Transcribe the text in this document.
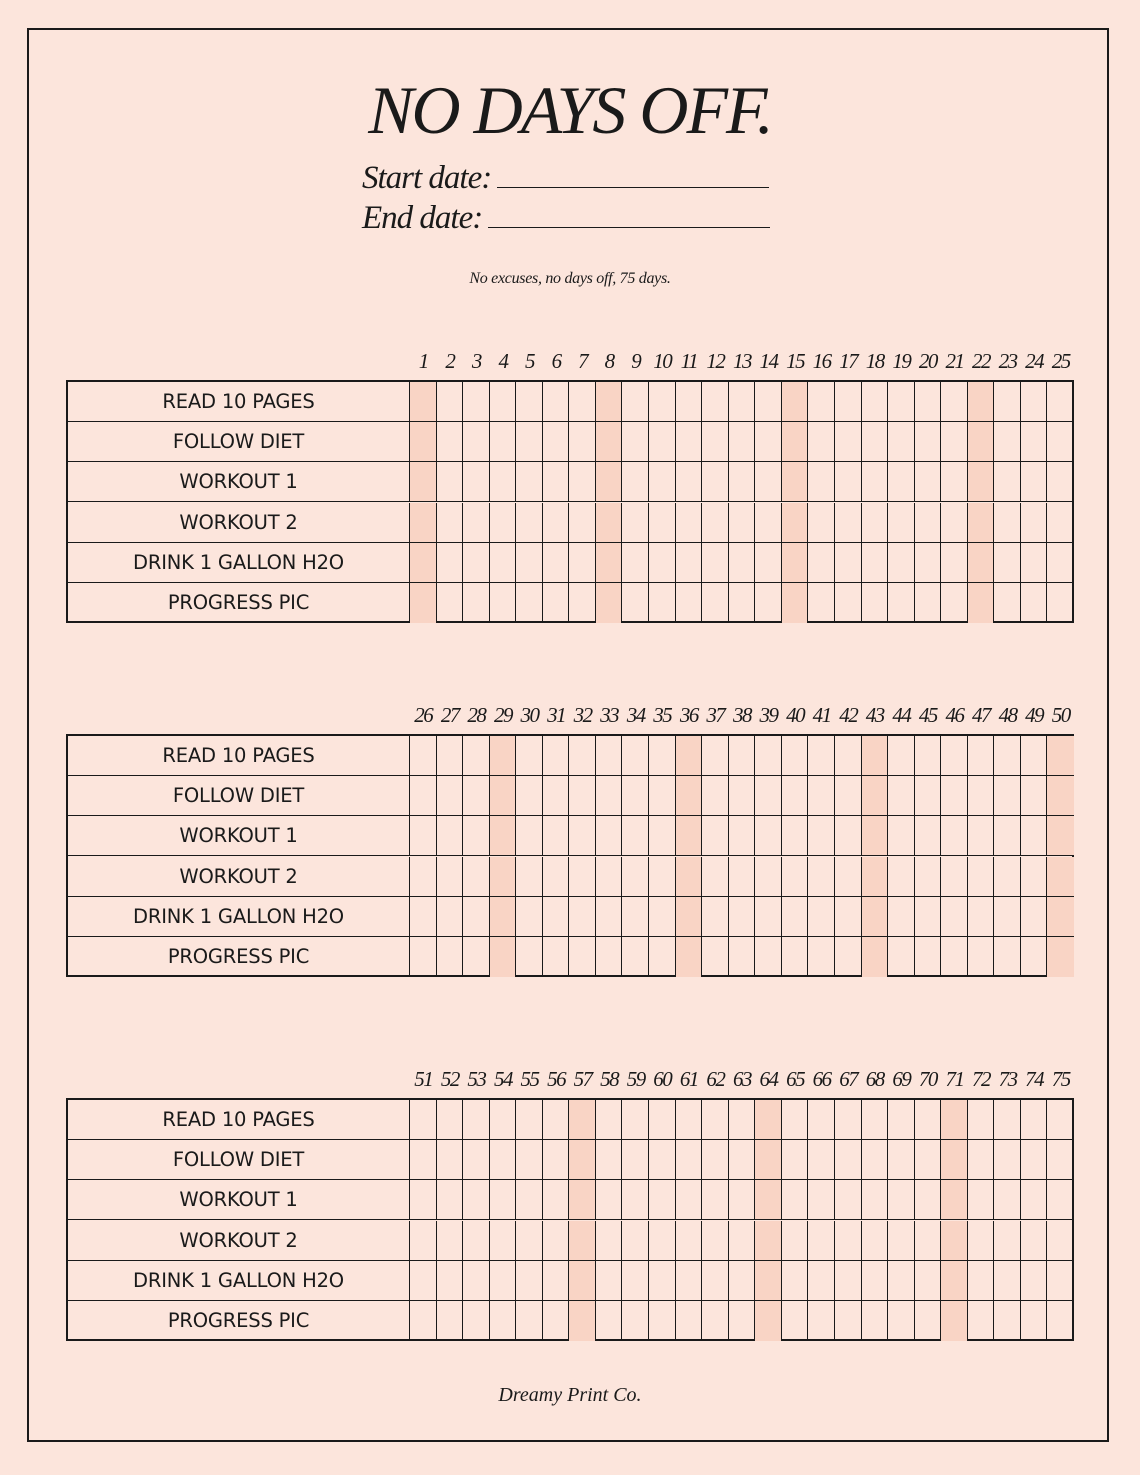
NO DAYS OFF.
Start date:
End date:
No excuses, no days off, 75 days.
1 2 3 4 5 6 7 8 9 10 11 12 13 14 15 16 17 18 19 20 21 22 23 24 25
READ 10 PAGES
FOLLOW DIET
WORKOUT 1
WORKOUT 2
DRINK 1 GALLON H2O
PROGRESS PIC
26 27 28 29 30 31 32 33 34 35 36 37 38 39 40 41 42 43 44 45 46 47 48 49 50
READ 10 PAGES
FOLLOW DIET
WORKOUT 1
WORKOUT 2
DRINK 1 GALLON H2O
PROGRESS PIC
51 52 53 54 55 56 57 58 59 60 61 62 63 64 65 66 67 68 69 70 71 72 73 74 75
READ 10 PAGES
FOLLOW DIET
WORKOUT 1
WORKOUT 2
DRINK 1 GALLON H2O
PROGRESS PIC
Dreamy Print Co.
